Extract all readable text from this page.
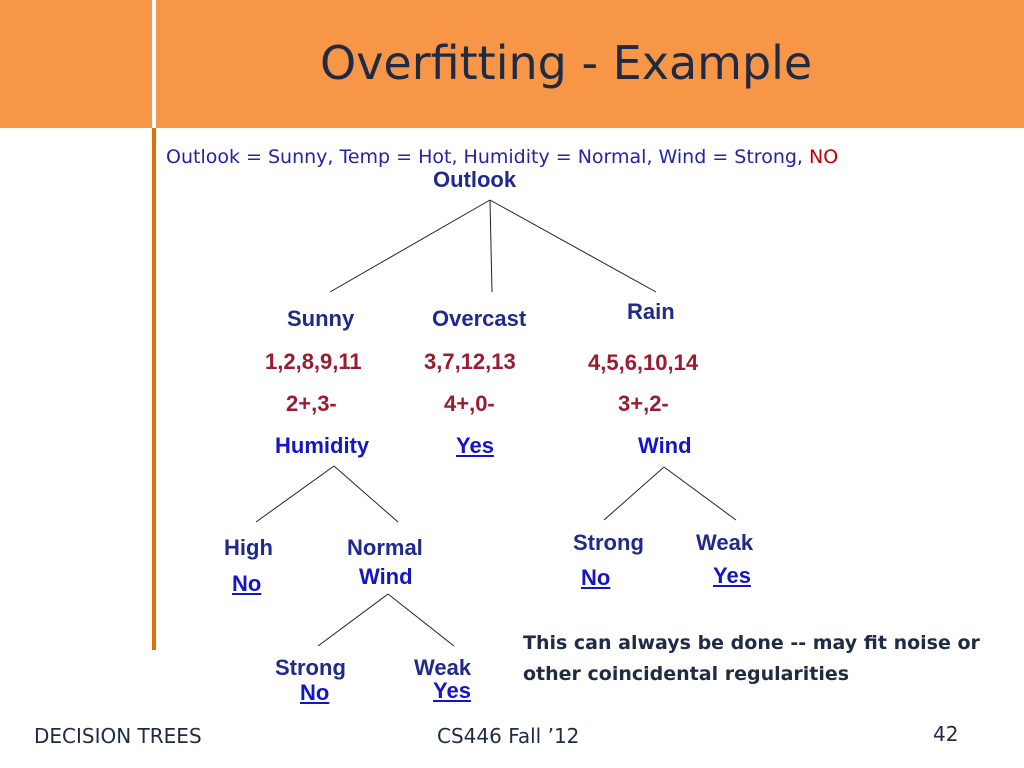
Overfitting - Example
Outlook = Sunny, Temp = Hot, Humidity = Normal, Wind = Strong, NO
Outlook
Sunny	Overcast	Rain
1,2,8,9,11	3,7,12,13	4,5,6,10,14
2+,3-	4+,0-	3+,2-
Humidity	Yes	Wind
High
No
Normal
Wind
Strong
No
Weak
Yes
Strong
No
Weak
Yes
This can always be done -- may fit noise or other coincidental regularities
DECISION TREES	CS446 Fall ’12	42
